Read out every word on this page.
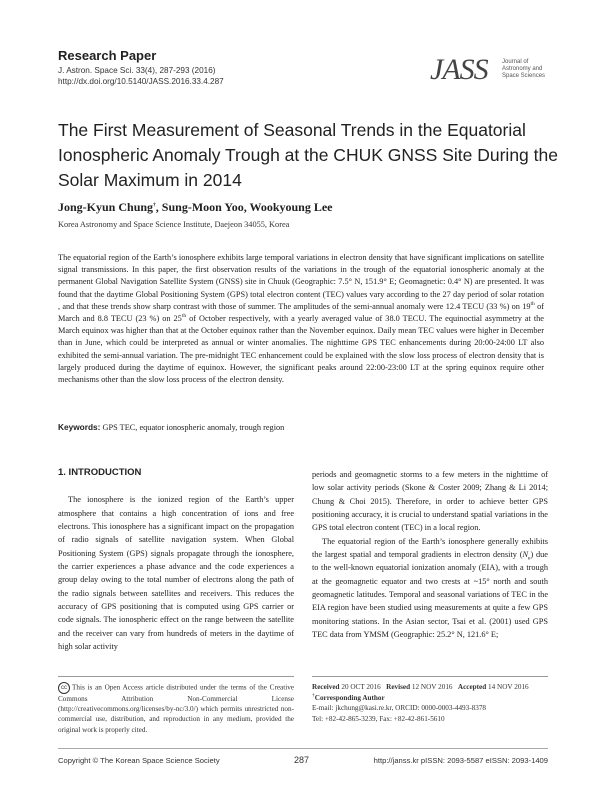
Research Paper
J. Astron. Space Sci. 33(4), 287-293 (2016)
http://dx.doi.org/10.5140/JASS.2016.33.4.287	JASS Journal of
Astronomy and
Space Sciences
The First Measurement of Seasonal Trends in the Equatorial Ionospheric Anomaly Trough at the CHUK GNSS Site During the Solar Maximum in 2014
Jong-Kyun Chung†, Sung-Moon Yoo, Wookyoung Lee
Korea Astronomy and Space Science Institute, Daejeon 34055, Korea
The equatorial region of the Earth’s ionosphere exhibits large temporal variations in electron density that have significant implications on satellite signal transmissions. In this paper, the first observation results of the variations in the trough of the equatorial ionospheric anomaly at the permanent Global Navigation Satellite System (GNSS) site in Chuuk (Geographic: 7.5° N, 151.9° E; Geomagnetic: 0.4° N) are presented. It was found that the daytime Global Positioning System (GPS) total electron content (TEC) values vary according to the 27 day period of solar rotation , and that these trends show sharp contrast with those of summer. The amplitudes of the semi-annual anomaly were 12.4 TECU (33 %) on 19th of March and 8.8 TECU (23 %) on 25th of October respectively, with a yearly averaged value of 38.0 TECU. The equinoctial asymmetry at the March equinox was higher than that at the October equinox rather than the November equinox. Daily mean TEC values were higher in December than in June, which could be interpreted as annual or winter anomalies. The nighttime GPS TEC enhancements during 20:00-24:00 LT also exhibited the semi-annual variation. The pre-midnight TEC enhancement could be explained with the slow loss process of electron density that is largely produced during the daytime of equinox. However, the significant peaks around 22:00-23:00 LT at the spring equinox require other mechanisms other than the slow loss process of the electron density.
Keywords: GPS TEC, equator ionospheric anomaly, trough region
1. INTRODUCTION

The ionosphere is the ionized region of the Earth’s upper atmosphere that contains a high concentration of ions and free electrons. This ionosphere has a significant impact on the propagation of radio signals of satellite navigation system. When Global Positioning System (GPS) signals propagate through the ionosphere, the carrier experiences a phase advance and the code experiences a group delay owing to the total number of electrons along the path of the radio signals between satellites and receivers. This reduces the accuracy of GPS positioning that is computed using GPS carrier or code signals. The ionospheric effect on the range between the satellite and the receiver can vary from hundreds of meters in the daytime of high solar activity

periods and geomagnetic storms to a few meters in the nighttime of low solar activity periods (Skone & Coster 2009; Zhang & Li 2014; Chung & Choi 2015). Therefore, in order to achieve better GPS positioning accuracy, it is crucial to understand spatial variations in the GPS total electron content (TEC) in a local region.

The equatorial region of the Earth’s ionosphere generally exhibits the largest spatial and temporal gradients in electron density $(N_e)$ due to the well-known equatorial ionization anomaly (EIA), with a trough at the geomagnetic equator and two crests at ~15° north and south geomagnetic latitudes. Temporal and seasonal variations of TEC in the EIA region have been studied using measurements at quite a few GPS monitoring stations. In the Asian sector, Tsai et al. (2001) used GPS TEC data from YMSM (Geographic: 25.2° N, 121.6° E;

cc This is an Open Access article distributed under the terms of the Creative Commons Attribution Non-Commercial License (http://creativecommons.org/licenses/by-nc/3.0/) which permits unrestricted non-commercial use, distribution, and reproduction in any medium, provided the original work is properly cited.
Received 20 OCT 2016 Revised 12 NOV 2016 Accepted 14 NOV 2016
†Corresponding Author
E-mail: jkchung@kasi.re.kr, ORCID: 0000-0003-4493-8378
Tel: +82-42-865-3239, Fax: +82-42-861-5610
Copyright © The Korean Space Science Society	287	http://janss.kr pISSN: 2093-5587 eISSN: 2093-1409
